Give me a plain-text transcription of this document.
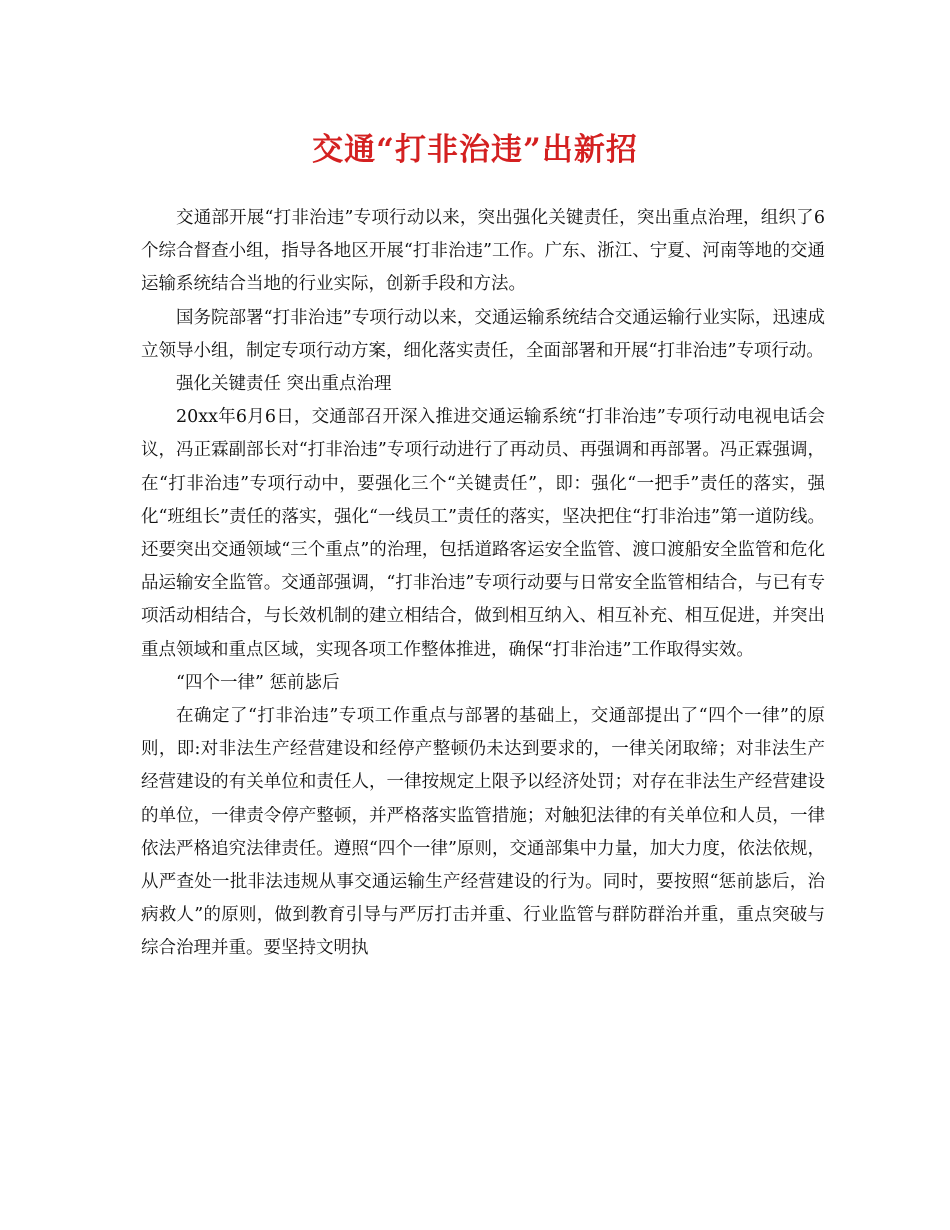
交通“打非治违”出新招

交通部开展“打非治违”专项行动以来，突出强化关键责任，突出重点治理，组织了6个综合督查小组，指导各地区开展“打非治违”工作。广东、浙江、宁夏、河南等地的交通运输系统结合当地的行业实际，创新手段和方法。

国务院部署“打非治违”专项行动以来，交通运输系统结合交通运输行业实际，迅速成立领导小组，制定专项行动方案，细化落实责任，全面部署和开展“打非治违”专项行动。

强化关键责任 突出重点治理

20xx年6月6日，交通部召开深入推进交通运输系统“打非治违”专项行动电视电话会议，冯正霖副部长对“打非治违”专项行动进行了再动员、再强调和再部署。冯正霖强调，在“打非治违”专项行动中，要强化三个“关键责任”，即：强化“一把手”责任的落实，强化“班组长”责任的落实，强化“一线员工”责任的落实，坚决把住“打非治违”第一道防线。还要突出交通领域“三个重点”的治理，包括道路客运安全监管、渡口渡船安全监管和危化品运输安全监管。交通部强调，“打非治违”专项行动要与日常安全监管相结合，与已有专项活动相结合，与长效机制的建立相结合，做到相互纳入、相互补充、相互促进，并突出重点领域和重点区域，实现各项工作整体推进，确保“打非治违”工作取得实效。

“四个一律” 惩前毖后

在确定了“打非治违”专项工作重点与部署的基础上，交通部提出了“四个一律”的原则，即:对非法生产经营建设和经停产整顿仍未达到要求的，一律关闭取缔；对非法生产经营建设的有关单位和责任人，一律按规定上限予以经济处罚；对存在非法生产经营建设的单位，一律责令停产整顿，并严格落实监管措施；对触犯法律的有关单位和人员，一律依法严格追究法律责任。遵照“四个一律”原则，交通部集中力量，加大力度，依法依规，从严查处一批非法违规从事交通运输生产经营建设的行为。同时，要按照“惩前毖后，治病救人”的原则，做到教育引导与严厉打击并重、行业监管与群防群治并重，重点突破与综合治理并重。要坚持文明执
